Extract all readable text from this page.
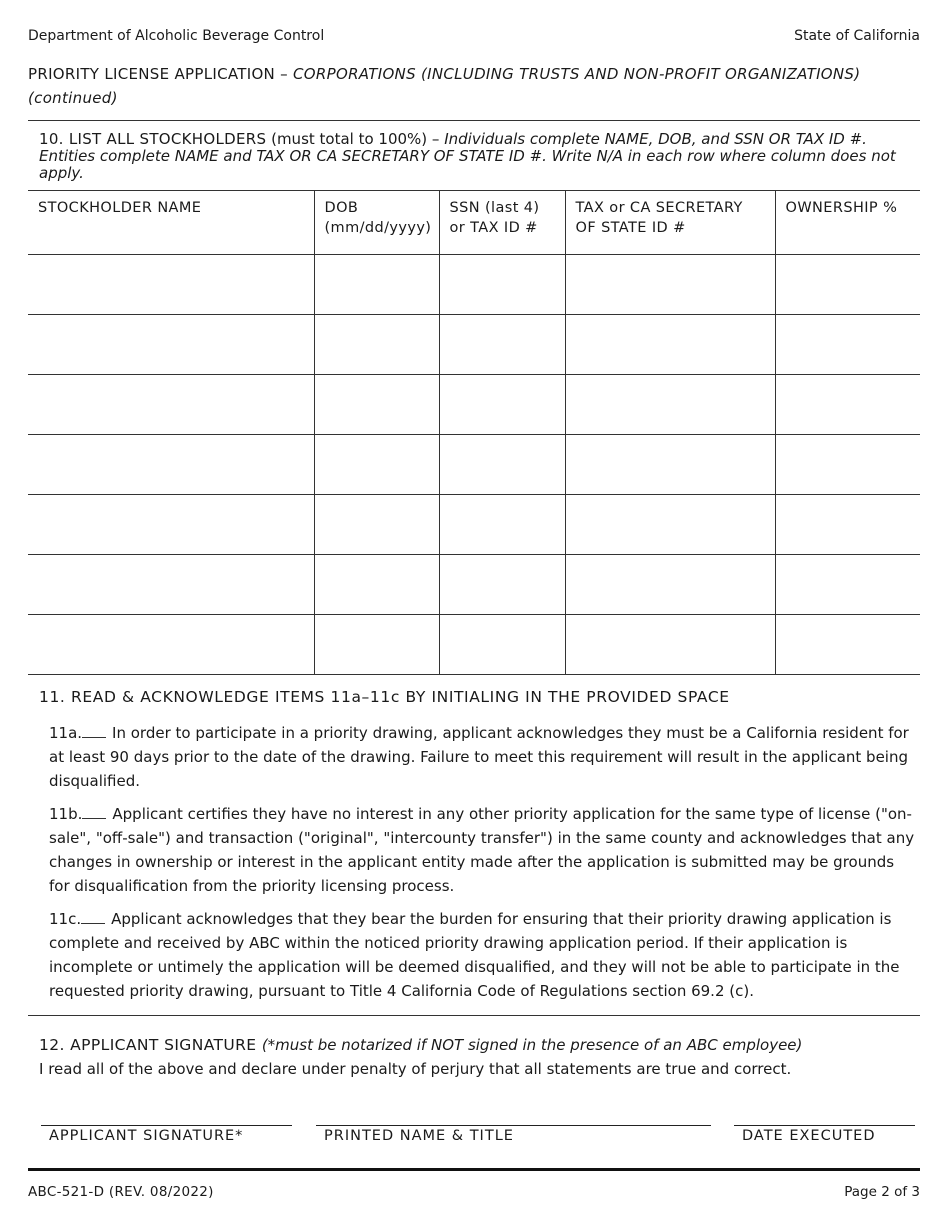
Department of Alcoholic Beverage Control	State of California
PRIORITY LICENSE APPLICATION – CORPORATIONS (INCLUDING TRUSTS AND NON-PROFIT ORGANIZATIONS) (continued)
10. LIST ALL STOCKHOLDERS (must total to 100%) – Individuals complete NAME, DOB, and SSN OR TAX ID #. Entities complete NAME and TAX OR CA SECRETARY OF STATE ID #. Write N/A in each row where column does not apply.
STOCKHOLDER NAME	DOB (mm/dd/yyyy)	SSN (last 4) or TAX ID #	TAX or CA SECRETARY OF STATE ID #	OWNERSHIP %

11. READ & ACKNOWLEDGE ITEMS 11a–11c BY INITIALING IN THE PROVIDED SPACE
11a. In order to participate in a priority drawing, applicant acknowledges they must be a California resident for at least 90 days prior to the date of the drawing. Failure to meet this requirement will result in the applicant being disqualified.
11b. Applicant certifies they have no interest in any other priority application for the same type of license ("on-sale", "off-sale") and transaction ("original", "intercounty transfer") in the same county and acknowledges that any changes in ownership or interest in the applicant entity made after the application is submitted may be grounds for disqualification from the priority licensing process.
11c. Applicant acknowledges that they bear the burden for ensuring that their priority drawing application is complete and received by ABC within the noticed priority drawing application period. If their application is incomplete or untimely the application will be deemed disqualified, and they will not be able to participate in the requested priority drawing, pursuant to Title 4 California Code of Regulations section 69.2 (c).
12. APPLICANT SIGNATURE (*must be notarized if NOT signed in the presence of an ABC employee)
I read all of the above and declare under penalty of perjury that all statements are true and correct.
APPLICANT SIGNATURE*	PRINTED NAME & TITLE	DATE EXECUTED
ABC-521-D (REV. 08/2022)	Page 2 of 3
